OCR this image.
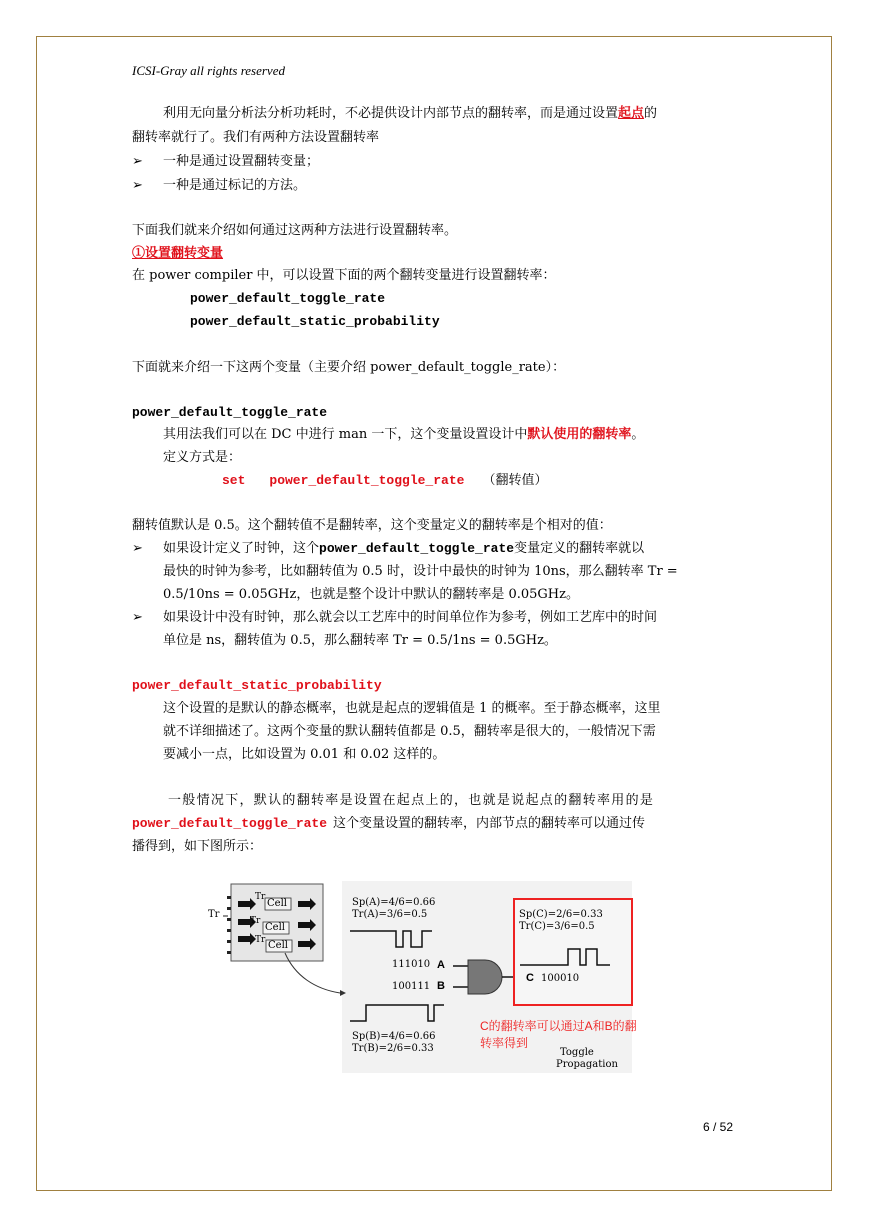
ICSI-Gray all rights reserved
利用无向量分析法分析功耗时，不必提供设计内部节点的翻转率，而是通过设置起点的
翻转率就行了。我们有两种方法设置翻转率
➢ 一种是通过设置翻转变量；
➢ 一种是通过标记的方法。
下面我们就来介绍如何通过这两种方法进行设置翻转率。
①设置翻转变量
在 power compiler 中，可以设置下面的两个翻转变量进行设置翻转率：
power_default_toggle_rate
power_default_static_probability
下面就来介绍一下这两个变量（主要介绍 power_default_toggle_rate）：
power_default_toggle_rate
其用法我们可以在 DC 中进行 man 一下，这个变量设置设计中默认使用的翻转率。
定义方式是：
set power_default_toggle_rate （翻转值）
翻转值默认是 0.5。这个翻转值不是翻转率，这个变量定义的翻转率是个相对的值：
➢ 如果设计定义了时钟，这个power_default_toggle_rate变量定义的翻转率就以
最快的时钟为参考，比如翻转值为 0.5 时，设计中最快的时钟为 10ns，那么翻转率 Tr =
0.5/10ns = 0.05GHz，也就是整个设计中默认的翻转率是 0.05GHz。
➢ 如果设计中没有时钟，那么就会以工艺库中的时间单位作为参考，例如工艺库中的时间
单位是 ns，翻转值为 0.5，那么翻转率 Tr = 0.5/1ns = 0.5GHz。
power_default_static_probability
这个设置的是默认的静态概率，也就是起点的逻辑值是 1 的概率。至于静态概率，这里
就不详细描述了。这两个变量的默认翻转值都是 0.5，翻转率是很大的，一般情况下需
要减小一点，比如设置为 0.01 和 0.02 这样的。
一般情况下，默认的翻转率是设置在起点上的，也就是说起点的翻转率用的是
power_default_toggle_rate 这个变量设置的翻转率，内部节点的翻转率可以通过传
播得到，如下图所示：
Tr
Tr
Cell
Tr
Cell
Tr Cell
Sp(A)=4/6=0.66
Tr(A)=3/6=0.5
111010 A
100111 B
Sp(B)=4/6=0.66
Tr(B)=2/6=0.33
Sp(C)=2/6=0.33
Tr(C)=3/6=0.5
C 100010
C的翻转率可以通过A和B的翻
转率得到
Toggle
Propagation
6 / 52
